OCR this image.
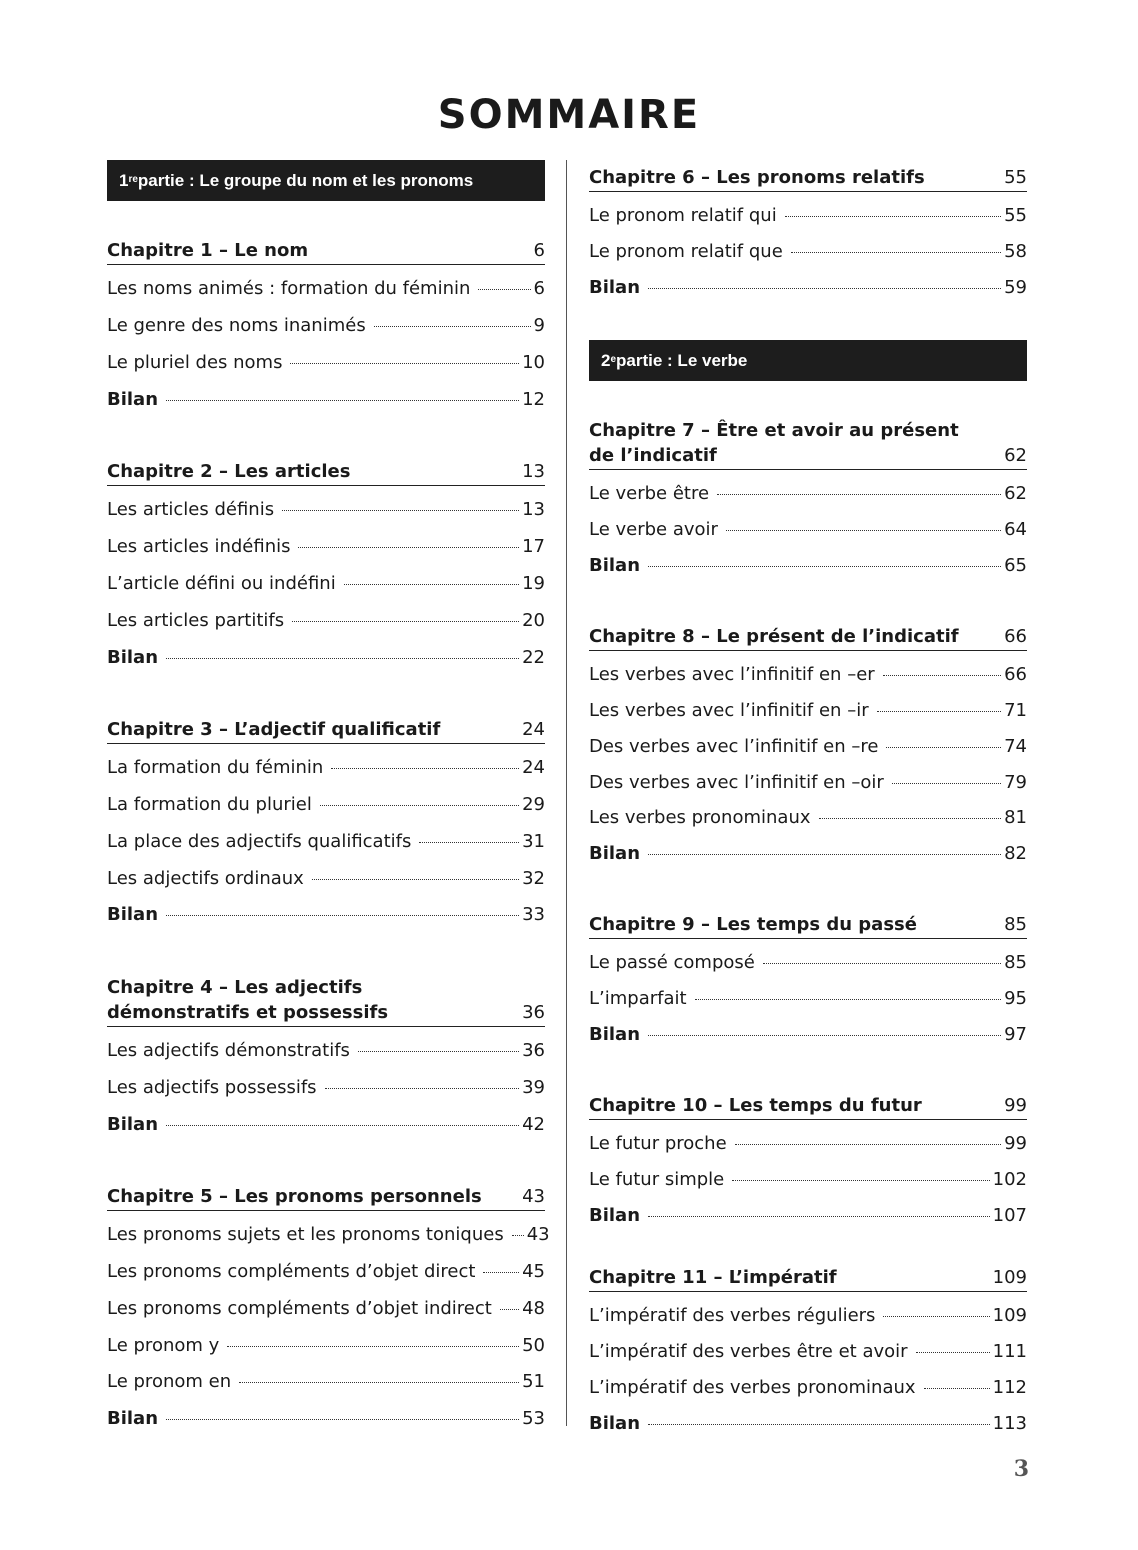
SOMMAIRE
1re partie : Le groupe du nom et les pronoms
Chapitre 1 – Le nom	6
Les noms animés : formation du féminin	6
Le genre des noms inanimés	9
Le pluriel des noms	10
Bilan	12
Chapitre 2 – Les articles	13
Les articles définis	13
Les articles indéfinis	17
L’article défini ou indéfini	19
Les articles partitifs	20
Bilan	22
Chapitre 3 – L’adjectif qualificatif	24
La formation du féminin	24
La formation du pluriel	29
La place des adjectifs qualificatifs	31
Les adjectifs ordinaux	32
Bilan	33
Chapitre 4 – Les adjectifs démonstratifs et possessifs	36
Les adjectifs démonstratifs	36
Les adjectifs possessifs	39
Bilan	42
Chapitre 5 – Les pronoms personnels 43
Les pronoms sujets et les pronoms toniques 43
Les pronoms compléments d’objet direct	45
Les pronoms compléments d’objet indirect 48
Le pronom y	50
Le pronom en	51
Bilan	53
Chapitre 6 – Les pronoms relatifs	55
Le pronom relatif qui	55
Le pronom relatif que	58
Bilan	59
2e partie : Le verbe
Chapitre 7 – Être et avoir au présent de l’indicatif	62
Le verbe être	62
Le verbe avoir	64
Bilan	65
Chapitre 8 – Le présent de l’indicatif	66
Les verbes avec l’infinitif en –er	66
Les verbes avec l’infinitif en –ir	71
Des verbes avec l’infinitif en –re	74
Des verbes avec l’infinitif en –oir	79
Les verbes pronominaux	81
Bilan	82
Chapitre 9 – Les temps du passé	85
Le passé composé	85
L’imparfait	95
Bilan	97
Chapitre 10 – Les temps du futur	99
Le futur proche	99
Le futur simple	102
Bilan	107
Chapitre 11 – L’impératif	109
L’impératif des verbes réguliers	109
L’impératif des verbes être et avoir	111
L’impératif des verbes pronominaux	112
Bilan	113
3
